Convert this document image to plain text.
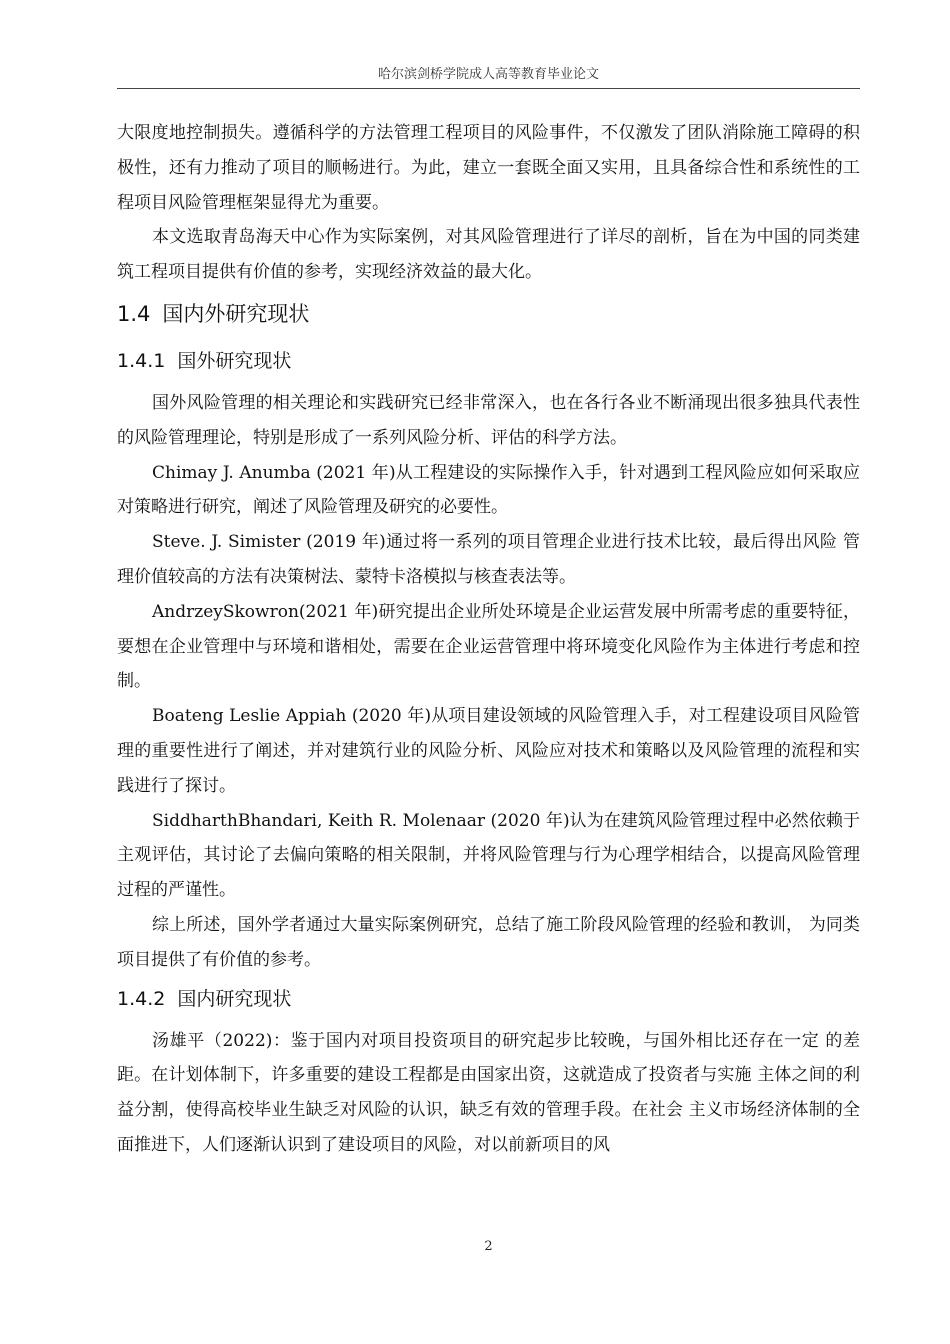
哈尔滨剑桥学院成人高等教育毕业论文

大限度地控制损失。遵循科学的方法管理工程项目的风险事件，不仅激发了团队消除施工障碍的积极性，还有力推动了项目的顺畅进行。为此，建立一套既全面又实用，且具备综合性和系统性的工程项目风险管理框架显得尤为重要。

本文选取青岛海天中心作为实际案例，对其风险管理进行了详尽的剖析，旨在为中国的同类建筑工程项目提供有价值的参考，实现经济效益的最大化。

1.4 国内外研究现状
1.4.1 国外研究现状

国外风险管理的相关理论和实践研究已经非常深入，也在各行各业不断涌现出很多独具代表性的风险管理理论，特别是形成了一系列风险分析、评估的科学方法。

Chimay J. Anumba (2021 年)从工程建设的实际操作入手，针对遇到工程风险应如何采取应对策略进行研究，阐述了风险管理及研究的必要性。

Steve. J. Simister (2019 年)通过将一系列的项目管理企业进行技术比较，最后得出风险 管理价值较高的方法有决策树法、蒙特卡洛模拟与核查表法等。

AndrzeySkowron(2021 年)研究提出企业所处环境是企业运营发展中所需考虑的重要特征，要想在企业管理中与环境和谐相处，需要在企业运营管理中将环境变化风险作为主体进行考虑和控制。

Boateng Leslie Appiah (2020 年)从项目建设领域的风险管理入手，对工程建设项目风险管理的重要性进行了阐述，并对建筑行业的风险分析、风险应对技术和策略以及风险管理的流程和实践进行了探讨。

SiddharthBhandari, Keith R. Molenaar (2020 年)认为在建筑风险管理过程中必然依赖于主观评估，其讨论了去偏向策略的相关限制，并将风险管理与行为心理学相结合，以提高风险管理过程的严谨性。

综上所述，国外学者通过大量实际案例研究，总结了施工阶段风险管理的经验和教训， 为同类项目提供了有价值的参考。

1.4.2 国内研究现状

汤雄平（2022)：鉴于国内对项目投资项目的研究起步比较晚，与国外相比还存在一定 的差距。在计划体制下，许多重要的建设工程都是由国家出资，这就造成了投资者与实施 主体之间的利益分割，使得高校毕业生缺乏对风险的认识，缺乏有效的管理手段。在社会 主义市场经济体制的全面推进下，人们逐渐认识到了建设项目的风险，对以前新项目的风

2
